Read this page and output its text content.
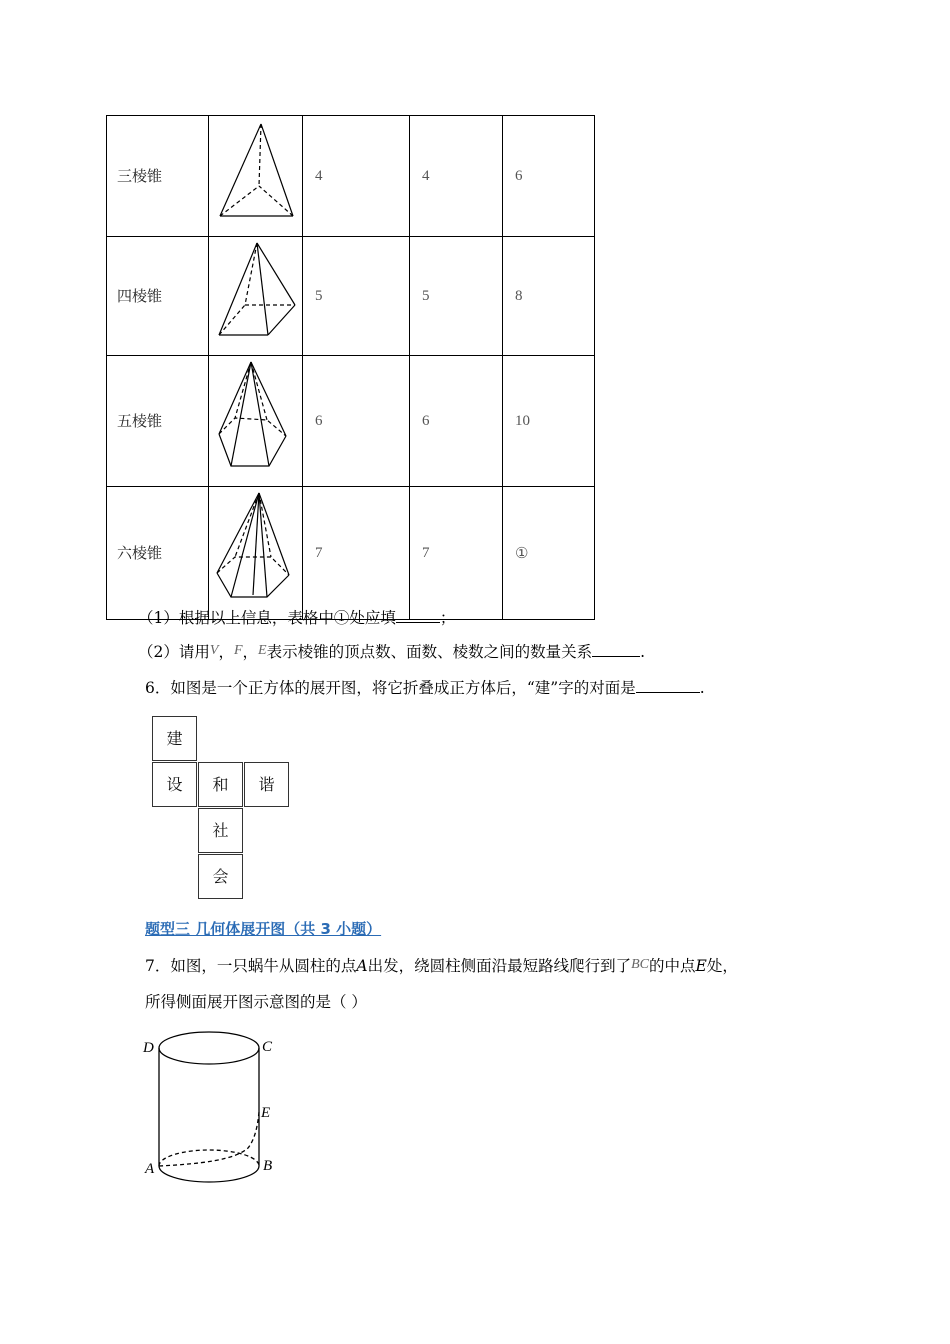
三棱锥		4	4	6
四棱锥		5	5	8
五棱锥		6	6	10
六棱锥		7	7	①
（1）根据以上信息，表格中①处应填	；
（2）请用V，F，E表示棱锥的顶点数、面数、棱数之间的数量关系	.
6．如图是一个正方体的展开图，将它折叠成正方体后，“建”字的对面是	.
建
设	和	谐
社
会
题型三 几何体展开图（共 3 小题）
7．如图，一只蜗牛从圆柱的点A出发，绕圆柱侧面沿最短路线爬行到了BC的中点E处，
所得侧面展开图示意图的是（ ）
D	C
E
A	B
